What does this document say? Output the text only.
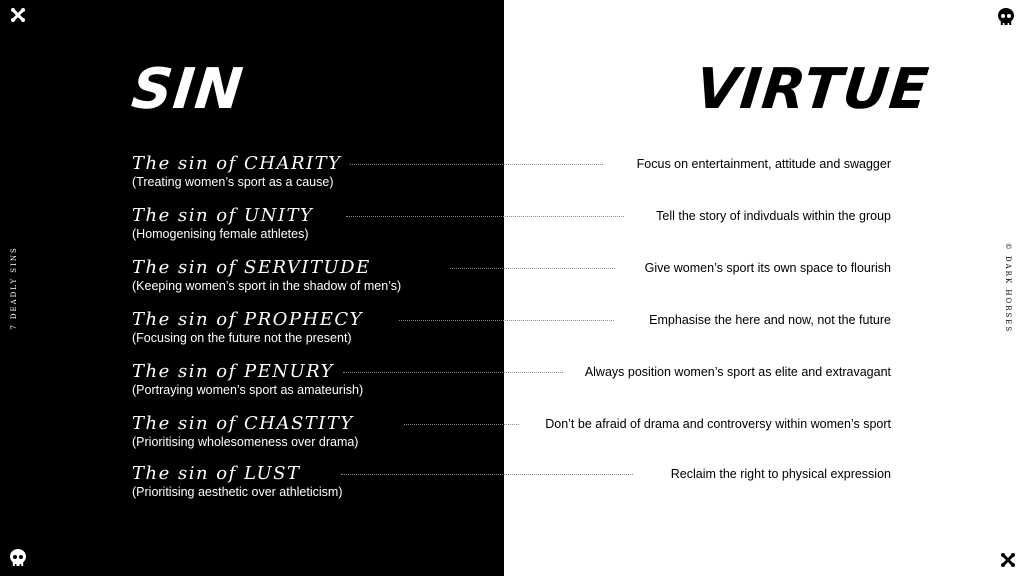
7 DEADLY SINS	© DARK HORSES
SIN	VIRTUE
The sin of CHARITY
(Treating women’s sport as a cause)
Focus on entertainment, attitude and swagger
The sin of UNITY
(Homogenising female athletes)
Tell the story of indivduals within the group
The sin of SERVITUDE
(Keeping women’s sport in the shadow of men’s)
Give women’s sport its own space to flourish
The sin of PROPHECY
(Focusing on the future not the present)
Emphasise the here and now, not the future
The sin of PENURY
(Portraying women’s sport as amateurish)
Always position women’s sport as elite and extravagant
The sin of CHASTITY
(Prioritising wholesomeness over drama)
Don’t be afraid of drama and controversy within women’s sport
The sin of LUST
(Prioritising aesthetic over athleticism)
Reclaim the right to physical expression
